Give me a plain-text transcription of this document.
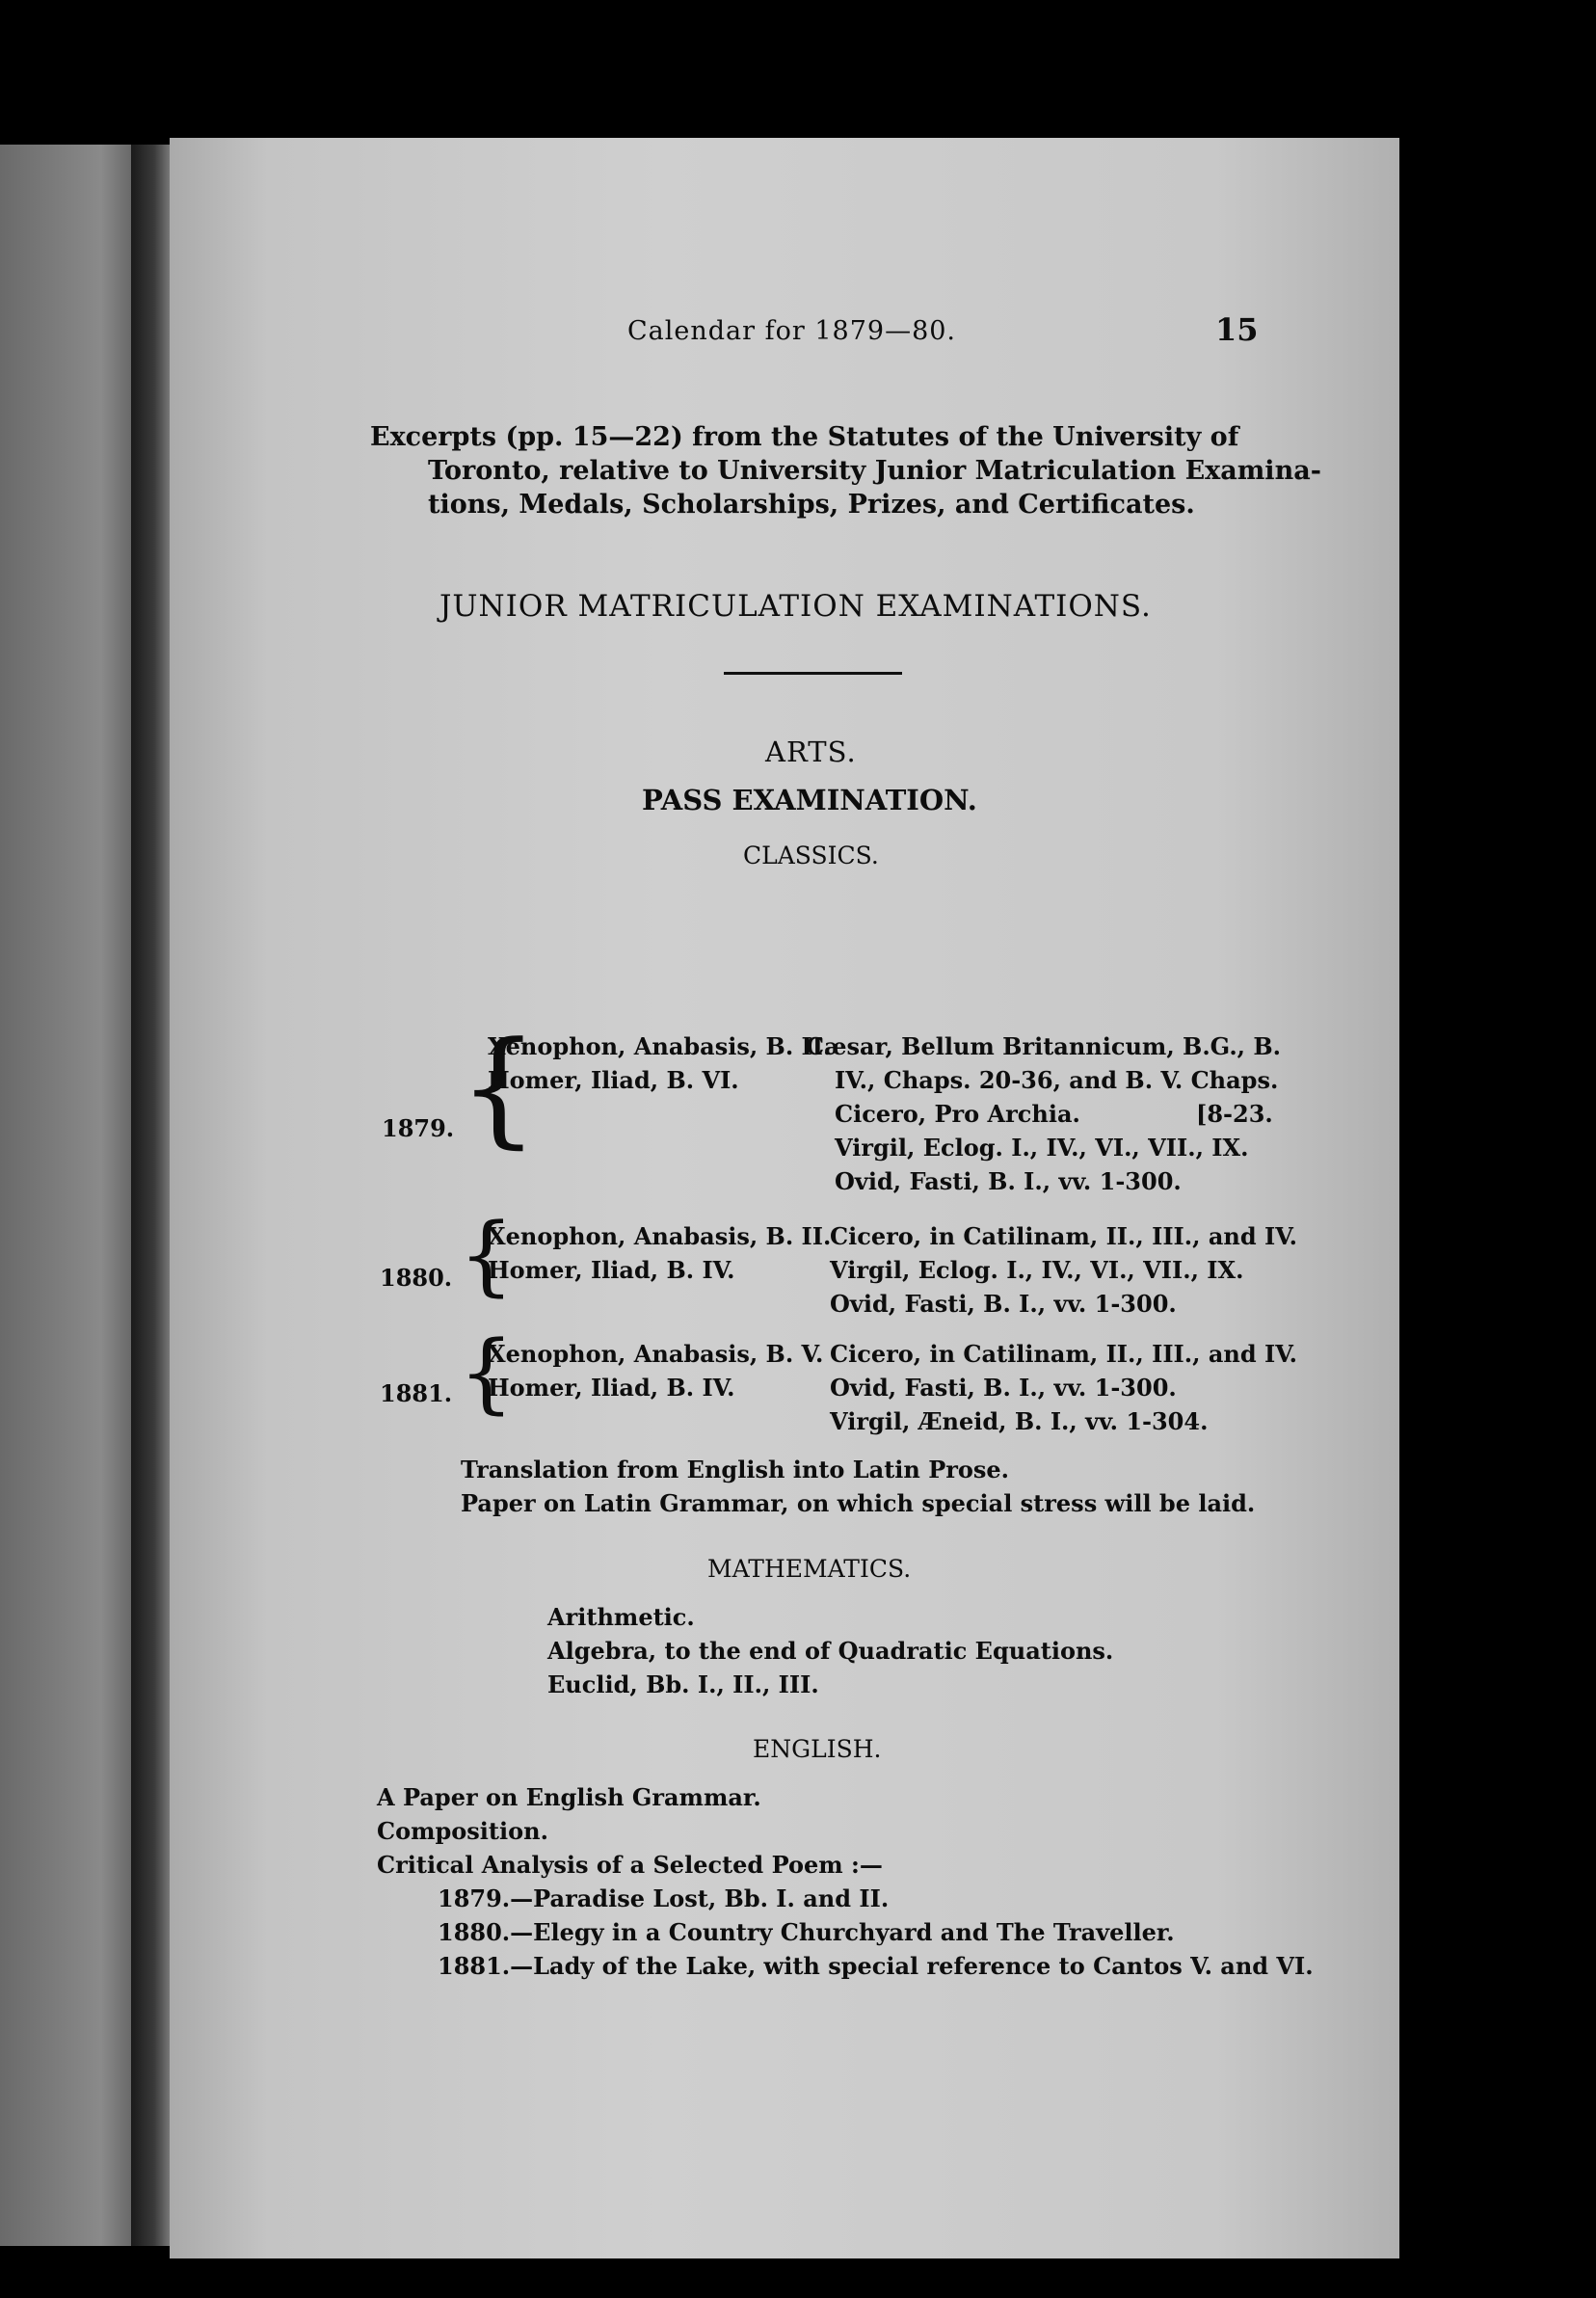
Calendar for 1879—80.	15
Excerpts (pp. 15—22) from the Statutes of the University of
Toronto, relative to University Junior Matriculation Examina-
tions, Medals, Scholarships, Prizes, and Certificates.
JUNIOR MATRICULATION EXAMINATIONS.
ARTS.
PASS EXAMINATION.
CLASSICS.
1879. {
Xenophon, Anabasis, B. II.
Homer, Iliad, B. VI.
Cæsar, Bellum Britannicum, B.G., B.
IV., Chaps. 20-36, and B. V. Chaps.
Cicero, Pro Archia.	[8-23.
Virgil, Eclog. I., IV., VI., VII., IX.
Ovid, Fasti, B. I., vv. 1-300.
1880. {
Xenophon, Anabasis, B. II.
Homer, Iliad, B. IV.
Cicero, in Catilinam, II., III., and IV.
Virgil, Eclog. I., IV., VI., VII., IX.
Ovid, Fasti, B. I., vv. 1-300.
1881. {
Xenophon, Anabasis, B. V.
Homer, Iliad, B. IV.
Cicero, in Catilinam, II., III., and IV.
Ovid, Fasti, B. I., vv. 1-300.
Virgil, Æneid, B. I., vv. 1-304.
Translation from English into Latin Prose.
Paper on Latin Grammar, on which special stress will be laid.
MATHEMATICS.
Arithmetic.
Algebra, to the end of Quadratic Equations.
Euclid, Bb. I., II., III.
ENGLISH.
A Paper on English Grammar.
Composition.
Critical Analysis of a Selected Poem :—
1879.—Paradise Lost, Bb. I. and II.
1880.—Elegy in a Country Churchyard and The Traveller.
1881.—Lady of the Lake, with special reference to Cantos V. and VI.
